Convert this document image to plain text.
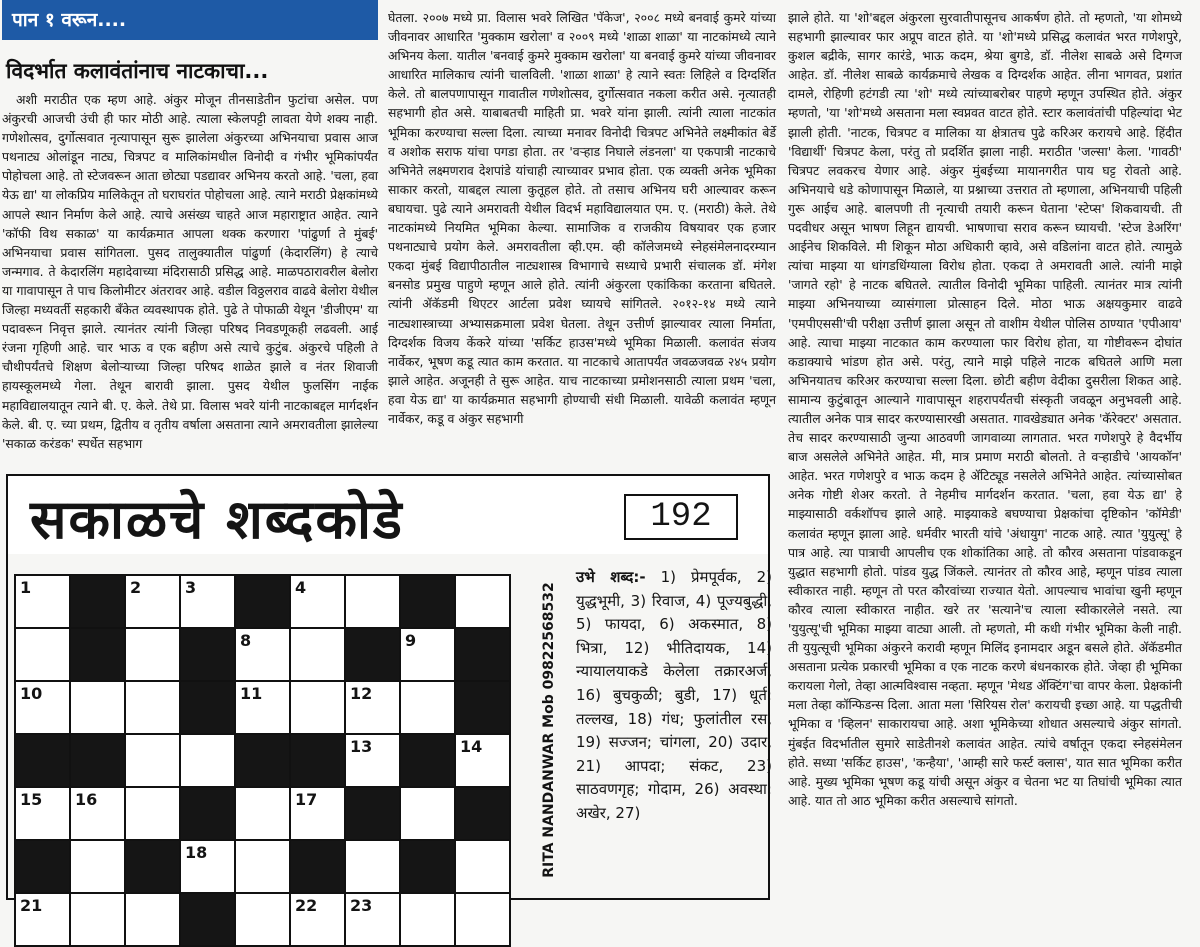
पान १ वरून....
विदर्भात कलावंतांनाच नाटकाचा...

अशी मराठीत एक म्हण आहे. अंकुर मोजून तीनसाडेतीन फुटांचा असेल. पण अंकुरची आजची उंची ही फार मोठी आहे. त्याला स्केलपट्टी लावता येणे शक्य नाही. गणेशोत्सव, दुर्गोत्सवात नृत्यापासून सुरू झालेला अंकुरच्या अभिनयाचा प्रवास आज पथनाट्य ओलांडून नाट्य, चित्रपट व मालिकांमधील विनोदी व गंभीर भूमिकांपर्यंत पोहोचला आहे. तो स्टेजवरून आता छोट्या पडद्यावर अभिनय करतो आहे. 'चला, हवा येऊ द्या' या लोकप्रिय मालिकेतून तो घराघरांत पोहोचला आहे. त्याने मराठी प्रेक्षकांमध्ये आपले स्थान निर्माण केले आहे. त्याचे असंख्य चाहते आज महाराष्ट्रात आहेत. त्याने 'कॉफी विथ सकाळ' या कार्यक्रमात आपला थक्क करणारा 'पांढुर्णा ते मुंबई' अभिनयाचा प्रवास सांगितला. पुसद तालुक्यातील पांढुर्णा (केदारलिंग) हे त्याचे जन्मगाव. ते केदारलिंग महादेवाच्या मंदिरासाठी प्रसिद्ध आहे. माळपठारावरील बेलोरा या गावापासून ते पाच किलोमीटर अंतरावर आहे. वडील विठ्ठलराव वाढवे बेलोरा येथील जिल्हा मध्यवर्ती सहकारी बँकेत व्यवस्थापक होते. पुढे ते पोफाळी येथून 'डीजीएम' या पदावरून निवृत्त झाले. त्यानंतर त्यांनी जिल्हा परिषद निवडणूकही लढवली. आई रंजना गृहिणी आहे. चार भाऊ व एक बहीण असे त्याचे कुटुंब. अंकुरचे पहिली ते चौथीपर्यंतचे शिक्षण बेलोऱ्याच्या जिल्हा परिषद शाळेत झाले व नंतर शिवाजी हायस्कूलमध्ये गेला. तेथून बारावी झाला. पुसद येथील फुलसिंग नाईक महाविद्यालयातून त्याने बी. ए. केले. तेथे प्रा. विलास भवरे यांनी नाटकाबद्दल मार्गदर्शन केले. बी. ए. च्या प्रथम, द्वितीय व तृतीय वर्षाला असताना त्याने अमरावतीला झालेल्या 'सकाळ करंडक' स्पर्धेत सहभाग

घेतला. २००७ मध्ये प्रा. विलास भवरे लिखित 'पॅकेज', २००८ मध्ये बनवाई कुमरे यांच्या जीवनावर आधारित 'मुक्काम खरोला' व २००९ मध्ये 'शाळा शाळा' या नाटकांमध्ये त्याने अभिनय केला. यातील 'बनवाई कुमरे मुक्काम खरोला' या बनवाई कुमरे यांच्या जीवनावर आधारित मालिकाच त्यांनी चालविली. 'शाळा शाळा' हे त्याने स्वतः लिहिले व दिग्दर्शित केले. तो बालपणापासून गावातील गणेशोत्सव, दुर्गोत्सवात नकला करीत असे. नृत्यातही सहभागी होत असे. याबाबतची माहिती प्रा. भवरे यांना झाली. त्यांनी त्याला नाटकांत भूमिका करण्याचा सल्ला दिला. त्याच्या मनावर विनोदी चित्रपट अभिनेते लक्ष्मीकांत बेर्डे व अशोक सराफ यांचा पगडा होता. तर 'वऱ्हाड निघाले लंडनला' या एकपात्री नाटकाचे अभिनेते लक्ष्मणराव देशपांडे यांचाही त्याच्यावर प्रभाव होता. एक व्यक्ती अनेक भूमिका साकार करतो, याबद्दल त्याला कुतूहल होते. तो तसाच अभिनय घरी आल्यावर करून बघायचा. पुढे त्याने अमरावती येथील विदर्भ महाविद्यालयात एम. ए. (मराठी) केले. तेथे नाटकांमध्ये नियमित भूमिका केल्या. सामाजिक व राजकीय विषयावर एक हजार पथनाट्याचे प्रयोग केले. अमरावतीला व्ही.एम. व्ही कॉलेजमध्ये स्नेहसंमेलनादरम्यान एकदा मुंबई विद्यापीठातील नाट्यशास्त्र विभागाचे सध्याचे प्रभारी संचालक डॉ. मंगेश बनसोड प्रमुख पाहुणे म्हणून आले होते. त्यांनी अंकुरला एकांकिका करताना बघितले. त्यांनी ॲकॅडमी थिएटर आर्टला प्रवेश घ्यायचे सांगितले. २०१२-१४ मध्ये त्याने नाट्यशास्त्राच्या अभ्यासक्रमाला प्रवेश घेतला. तेथून उत्तीर्ण झाल्यावर त्याला निर्माता, दिग्दर्शक विजय केंकरे यांच्या 'सर्किट हाउस'मध्ये भूमिका मिळाली. कलावंत संजय नार्वेकर, भूषण कडू त्यात काम करतात. या नाटकाचे आतापर्यंत जवळजवळ २४५ प्रयोग झाले आहेत. अजूनही ते सुरू आहेत. याच नाटकाच्या प्रमोशनसाठी त्याला प्रथम 'चला, हवा येऊ द्या' या कार्यक्रमात सहभागी होण्याची संधी मिळाली. यावेळी कलावंत म्हणून नार्वेकर, कडू व अंकुर सहभागी

झाले होते. या 'शो'बद्दल अंकुरला सुरवातीपासूनच आकर्षण होते. तो म्हणतो, 'या शोमध्ये सहभागी झाल्यावर फार अप्रूप वाटत होते. या 'शो'मध्ये प्रसिद्ध कलावंत भरत गणेशपुरे, कुशल बद्रीके, सागर कारंडे, भाऊ कदम, श्रेया बुगडे, डॉ. नीलेश साबळे असे दिग्गज आहेत. डॉ. नीलेश साबळे कार्यक्रमाचे लेखक व दिग्दर्शक आहेत. लीना भागवत, प्रशांत दामले, रोहिणी हटंगडी त्या 'शो' मध्ये त्यांच्याबरोबर पाहणे म्हणून उपस्थित होते. अंकुर म्हणतो, 'या 'शो'मध्ये असताना मला स्वप्नवत वाटत होते. स्टार कलावंतांची पहिल्यांदा भेट झाली होती. 'नाटक, चित्रपट व मालिका या क्षेत्रातच पुढे करिअर करायचे आहे. हिंदीत 'विद्यार्थी' चित्रपट केला, परंतु तो प्रदर्शित झाला नाही. मराठीत 'जल्सा' केला. 'गावठी' चित्रपट लवकरच येणार आहे. अंकुर मुंबईच्या मायानगरीत पाय घट्ट रोवतो आहे. अभिनयाचे धडे कोणापासून मिळाले, या प्रश्नाच्या उत्तरात तो म्हणाला, अभिनयाची पहिली गुरू आईच आहे. बालपणी ती नृत्याची तयारी करून घेताना 'स्टेप्स' शिकवायची. ती पदवीधर असून भाषण लिहून द्यायची. भाषणाचा सराव करून घ्यायची. 'स्टेज डेअरिंग' आईनेच शिकविले. मी शिकून मोठा अधिकारी व्हावे, असे वडिलांना वाटत होते. त्यामुळे त्यांचा माझ्या या धांगडधिंग्याला विरोध होता. एकदा ते अमरावती आले. त्यांनी माझे 'जागते रहो' हे नाटक बघितले. त्यातील विनोदी भूमिका पाहिली. त्यानंतर मात्र त्यांनी माझ्या अभिनयाच्या व्यासंगाला प्रोत्साहन दिले. मोठा भाऊ अक्षयकुमार वाढवे 'एमपीएससी'ची परीक्षा उत्तीर्ण झाला असून तो वाशीम येथील पोलिस ठाण्यात 'एपीआय' आहे. त्याचा माझ्या नाटकात काम करण्याला फार विरोध होता, या गोष्टीवरून दोघांत कडाक्याचे भांडण होत असे. परंतु, त्याने माझे पहिले नाटक बघितले आणि मला अभिनयातच करिअर करण्याचा सल्ला दिला. छोटी बहीण वेदीका दुसरीला शिकत आहे. सामान्य कुटुंबातून आल्याने गावापासून शहरापर्यंतची संस्कृती जवळून अनुभवली आहे. त्यातील अनेक पात्र सादर करण्यासारखी असतात. गावखेड्यात अनेक 'कॅरेक्टर' असतात. तेच सादर करण्यासाठी जुन्या आठवणी जागवाव्या लागतात. भरत गणेशपुरे हे वैदर्भीय बाज असलेले अभिनेते आहेत. मी, मात्र प्रमाण मराठी बोलतो. ते वऱ्हाडीचे 'आयकॉन' आहेत. भरत गणेशपुरे व भाऊ कदम हे ॲटिट्यूड नसलेले अभिनेते आहेत. त्यांच्यासोबत अनेक गोष्टी शेअर करतो. ते नेहमीच मार्गदर्शन करतात. 'चला, हवा येऊ द्या' हे माझ्यासाठी वर्कशॉपच झाले आहे. माझ्याकडे बघण्याचा प्रेक्षकांचा दृष्टिकोन 'कॉमेडी' कलावंत म्हणून झाला आहे. धर्मवीर भारती यांचे 'अंधायुग' नाटक आहे. त्यात 'युयुत्सू' हे पात्र आहे. त्या पात्राची आपलीच एक शोकांतिका आहे. तो कौरव असताना पांडवाकडून युद्धात सहभागी होतो. पांडव युद्ध जिंकले. त्यानंतर तो कौरव आहे, म्हणून पांडव त्याला स्वीकारत नाही. म्हणून तो परत कौरवांच्या राज्यात येतो. आपल्याच भावांचा खुनी म्हणून कौरव त्याला स्वीकारत नाहीत. खरे तर 'सत्याने'च त्याला स्वीकारलेले नसते. त्या 'युयुत्सू'ची भूमिका माझ्या वाट्या आली. तो म्हणतो, मी कधी गंभीर भूमिका केली नाही. ती युयुत्सूची भूमिका अंकुरने करावी म्हणून मिलिंद इनामदार अडून बसले होते. ॲकॅडमीत असताना प्रत्येक प्रकारची भूमिका व एक नाटक करणे बंधनकारक होते. जेव्हा ही भूमिका करायला गेलो, तेव्हा आत्मविश्वास नव्हता. म्हणून 'मेथड ॲक्टिंग'चा वापर केला. प्रेक्षकांनी मला तेव्हा कॉन्फिडन्स दिला. आता मला 'सिरियस रोल' करायची इच्छा आहे. या पद्धतीची भूमिका व 'व्हिलन' साकारायचा आहे. अशा भूमिकेच्या शोधात असल्याचे अंकुर सांगतो. मुंबईत विदर्भातील सुमारे साडेतीनशे कलावंत आहेत. त्यांचे वर्षातून एकदा स्नेहसंमेलन होते. सध्या 'सर्किट हाउस', 'कन्हैया', 'आम्ही सारे फर्स्ट क्लास', यात सात भूमिका करीत आहे. मुख्य भूमिका भूषण कडू यांची असून अंकुर व चेतना भट या तिघांची भूमिका त्यात आहे. यात तो आठ भूमिका करीत असल्याचे सांगतो.

सकाळचे शब्दकोडे	192
1	2	3	4
8	9
10	11	12
13	14
15 16	17
18
21	22 23
RITA NANDANWAR Mob 09822568532
उभे शब्द:- 1) प्रेमपूर्वक, 2) युद्धभूमी, 3) रिवाज, 4) पूज्यबुद्धी, 5) फायदा, 6) अकस्मात, 8) भित्रा, 12) भीतिदायक, 14) न्यायालयाकडे केलेला तक्रारअर्ज, 16) बुचकुळी; बुडी, 17) धूर्त; तल्लख, 18) गंध; फुलांतील रस, 19) सज्जन; चांगला, 20) उदार, 21) आपदा; संकट, 23) साठवणगृह; गोदाम, 26) अवस्था; अखेर, 27)
